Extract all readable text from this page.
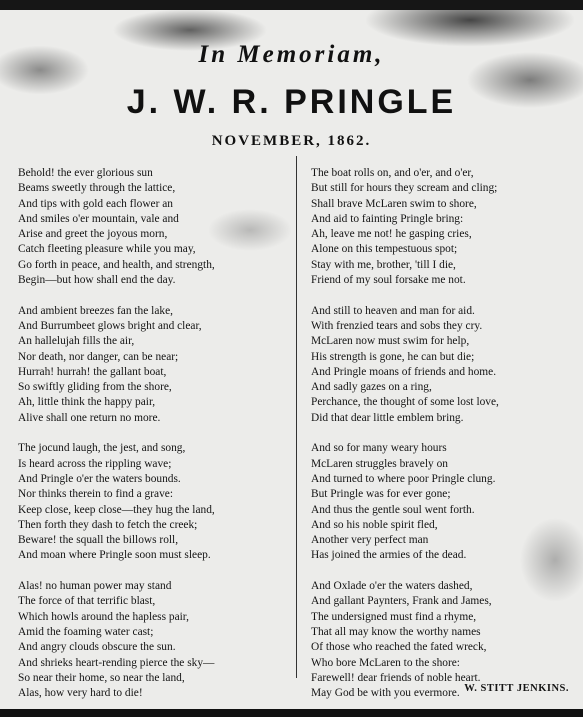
In Memoriam,
J. W. R. PRINGLE
NOVEMBER, 1862.
Behold! the ever glorious sun
Beams sweetly through the lattice,
And tips with gold each flower an
And smiles o'er mountain, vale and
Arise and greet the joyous morn,
Catch fleeting pleasure while you may,
Go forth in peace, and health, and strength,
Begin—but how shall end the day.
And ambient breezes fan the lake,
And Burrumbeet glows bright and clear,
An hallelujah fills the air,
Nor death, nor danger, can be near;
Hurrah! hurrah! the gallant boat,
So swiftly gliding from the shore,
Ah, little think the happy pair,
Alive shall one return no more.
The jocund laugh, the jest, and song,
Is heard across the rippling wave;
And Pringle o'er the waters bounds.
Nor thinks therein to find a grave:
Keep close, keep close—they hug the land,
Then forth they dash to fetch the creek;
Beware! the squall the billows roll,
And moan where Pringle soon must sleep.
Alas! no human power may stand
The force of that terrific blast,
Which howls around the hapless pair,
Amid the foaming water cast;
And angry clouds obscure the sun.
And shrieks heart-rending pierce the sky—
So near their home, so near the land,
Alas, how very hard to die!
The boat rolls on, and o'er, and o'er,
But still for hours they scream and cling;
Shall brave McLaren swim to shore,
And aid to fainting Pringle bring:
Ah, leave me not! he gasping cries,
Alone on this tempestuous spot;
Stay with me, brother, 'till I die,
Friend of my soul forsake me not.
And still to heaven and man for aid.
With frenzied tears and sobs they cry.
McLaren now must swim for help,
His strength is gone, he can but die;
And Pringle moans of friends and home.
And sadly gazes on a ring,
Perchance, the thought of some lost love,
Did that dear little emblem bring.
And so for many weary hours
McLaren struggles bravely on
And turned to where poor Pringle clung.
But Pringle was for ever gone;
And thus the gentle soul went forth.
And so his noble spirit fled,
Another very perfect man
Has joined the armies of the dead.
And Oxlade o'er the waters dashed,
And gallant Paynters, Frank and James,
The undersigned must find a rhyme,
That all may know the worthy names
Of those who reached the fated wreck,
Who bore McLaren to the shore:
Farewell! dear friends of noble heart.
May God be with you evermore. W. STITT JENKINS.
